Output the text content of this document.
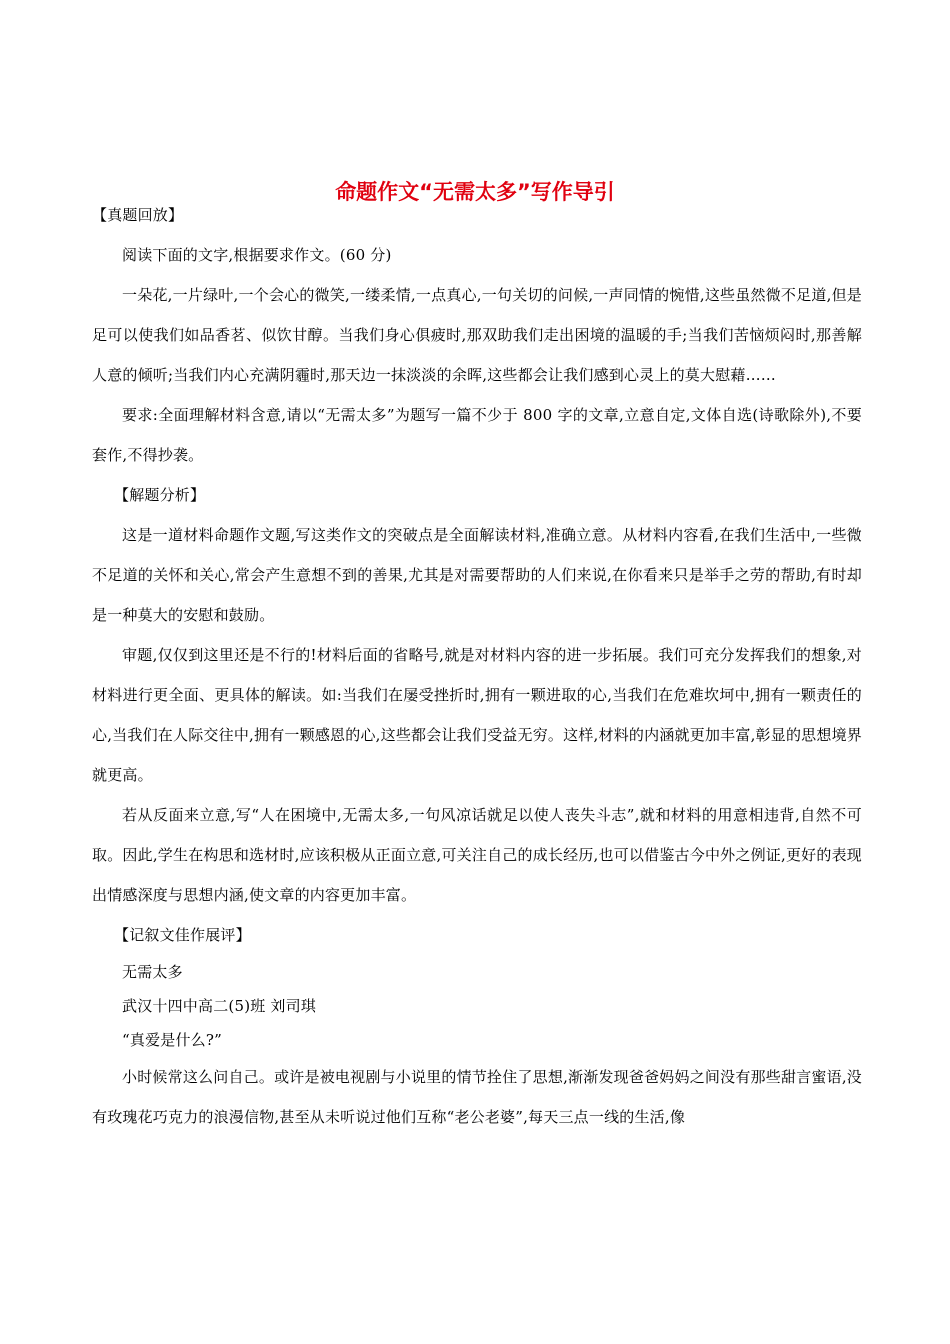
命题作文“无需太多”写作导引

【真题回放】

阅读下面的文字,根据要求作文。(60 分)

一朵花,一片绿叶,一个会心的微笑,一缕柔情,一点真心,一句关切的问候,一声同情的惋惜,这些虽然微不足道,但是足可以使我们如品香茗、似饮甘醇。当我们身心俱疲时,那双助我们走出困境的温暖的手;当我们苦恼烦闷时,那善解人意的倾听;当我们内心充满阴霾时,那天边一抹淡淡的余晖,这些都会让我们感到心灵上的莫大慰藉……

要求:全面理解材料含意,请以“无需太多”为题写一篇不少于 800 字的文章,立意自定,文体自选(诗歌除外),不要套作,不得抄袭。

【解题分析】

这是一道材料命题作文题,写这类作文的突破点是全面解读材料,准确立意。从材料内容看,在我们生活中,一些微不足道的关怀和关心,常会产生意想不到的善果,尤其是对需要帮助的人们来说,在你看来只是举手之劳的帮助,有时却是一种莫大的安慰和鼓励。

审题,仅仅到这里还是不行的!材料后面的省略号,就是对材料内容的进一步拓展。我们可充分发挥我们的想象,对材料进行更全面、更具体的解读。如:当我们在屡受挫折时,拥有一颗进取的心,当我们在危难坎坷中,拥有一颗责任的心,当我们在人际交往中,拥有一颗感恩的心,这些都会让我们受益无穷。这样,材料的内涵就更加丰富,彰显的思想境界就更高。

若从反面来立意,写“人在困境中,无需太多,一句风凉话就足以使人丧失斗志”,就和材料的用意相违背,自然不可取。因此,学生在构思和选材时,应该积极从正面立意,可关注自己的成长经历,也可以借鉴古今中外之例证,更好的表现出情感深度与思想内涵,使文章的内容更加丰富。

【记叙文佳作展评】

无需太多

武汉十四中高二(5)班 刘司琪

“真爱是什么?”

小时候常这么问自己。或许是被电视剧与小说里的情节拴住了思想,渐渐发现爸爸妈妈之间没有那些甜言蜜语,没有玫瑰花巧克力的浪漫信物,甚至从未听说过他们互称“老公老婆”,每天三点一线的生活,像
